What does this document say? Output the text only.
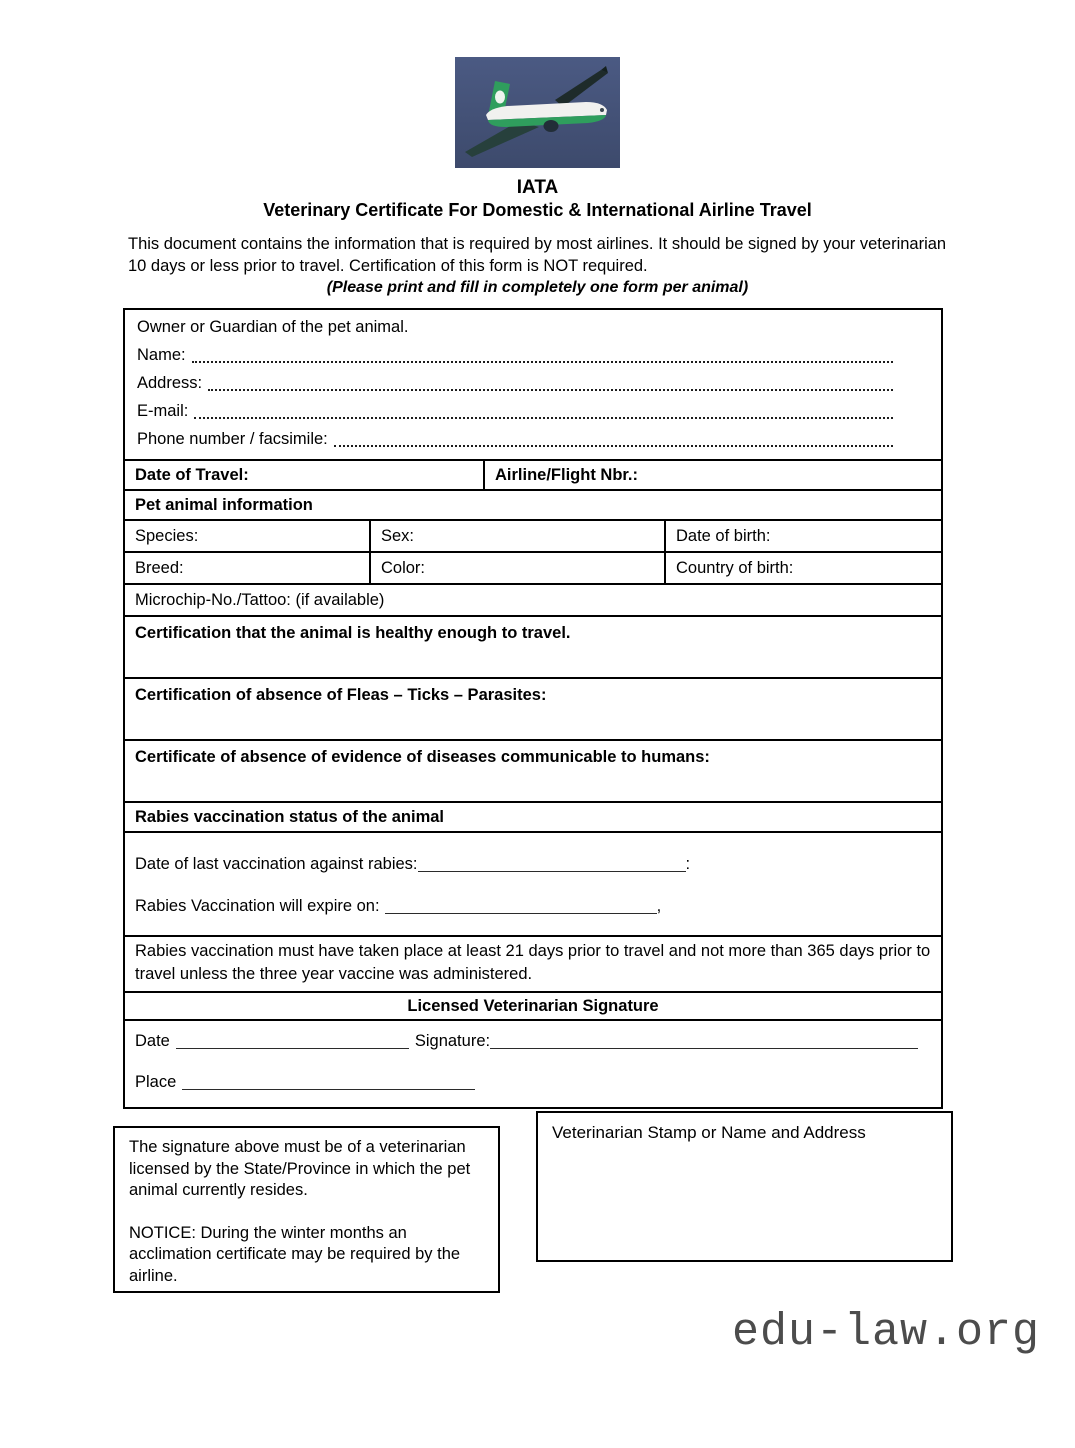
IATA
Veterinary Certificate For Domestic & International Airline Travel
This document contains the information that is required by most airlines. It should be signed by your veterinarian 10 days or less prior to travel. Certification of this form is NOT required.
(Please print and fill in completely one form per animal)
Owner or Guardian of the pet animal.
Name:
Address:
E-mail:
Phone number / facsimile:
Date of Travel:	Airline/Flight Nbr.:
Pet animal information
Species:	Sex:	Date of birth:
Breed:	Color:	Country of birth:
Microchip-No./Tattoo: (if available)
Certification that the animal is healthy enough to travel.
Certification of absence of Fleas – Ticks – Parasites:
Certificate of absence of evidence of diseases communicable to humans:
Rabies vaccination status of the animal
Date of last vaccination against rabies:	:
Rabies Vaccination will expire on:	,
Rabies vaccination must have taken place at least 21 days prior to travel and not more than 365 days prior to travel unless the three year vaccine was administered.
Licensed Veterinarian Signature
Date	Signature:
Place
Veterinarian Stamp or Name and Address
The signature above must be of a veterinarian licensed by the State/Province in which the pet animal currently resides.
NOTICE: During the winter months an acclimation certificate may be required by the airline.
edu-law.org
